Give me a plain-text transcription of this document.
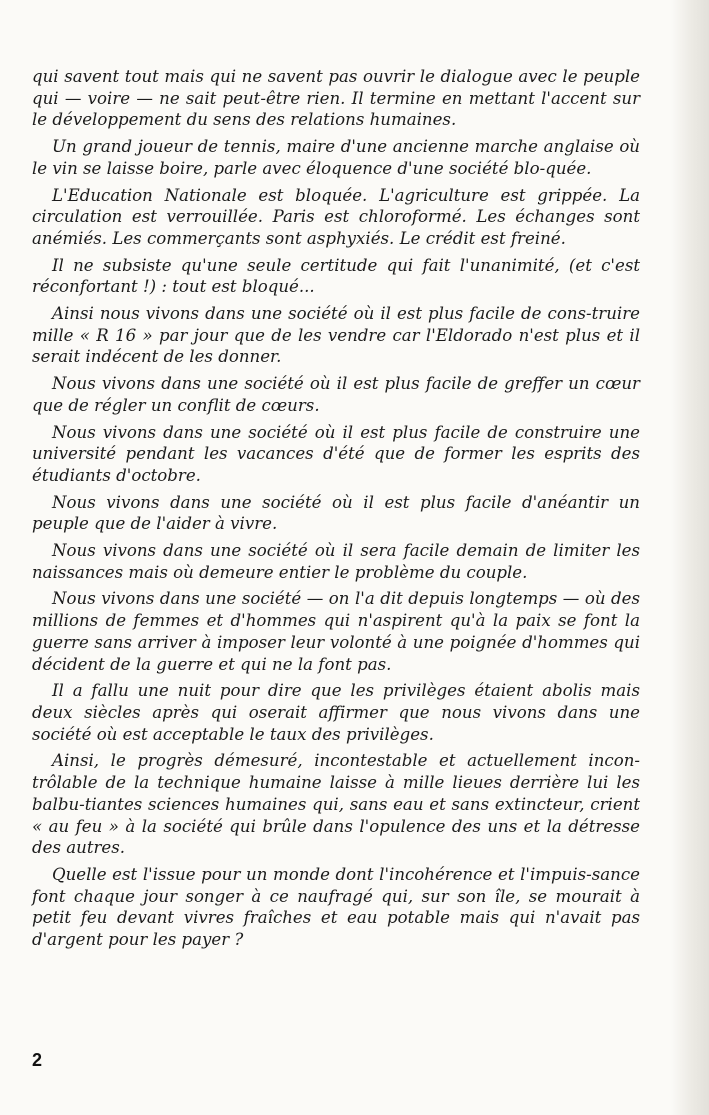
qui savent tout mais qui ne savent pas ouvrir le dialogue avec le peuple qui — voire — ne sait peut-être rien. Il termine en mettant l'accent sur le développement du sens des relations humaines.

Un grand joueur de tennis, maire d'une ancienne marche anglaise où le vin se laisse boire, parle avec éloquence d'une société blo-quée.

L'Education Nationale est bloquée. L'agriculture est grippée. La circulation est verrouillée. Paris est chloroformé. Les échanges sont anémiés. Les commerçants sont asphyxiés. Le crédit est freiné.

Il ne subsiste qu'une seule certitude qui fait l'unanimité, (et c'est réconfortant !) : tout est bloqué...

Ainsi nous vivons dans une société où il est plus facile de cons-truire mille « R 16 » par jour que de les vendre car l'Eldorado n'est plus et il serait indécent de les donner.

Nous vivons dans une société où il est plus facile de greffer un cœur que de régler un conflit de cœurs.

Nous vivons dans une société où il est plus facile de construire une université pendant les vacances d'été que de former les esprits des étudiants d'octobre.

Nous vivons dans une société où il est plus facile d'anéantir un peuple que de l'aider à vivre.

Nous vivons dans une société où il sera facile demain de limiter les naissances mais où demeure entier le problème du couple.

Nous vivons dans une société — on l'a dit depuis longtemps — où des millions de femmes et d'hommes qui n'aspirent qu'à la paix se font la guerre sans arriver à imposer leur volonté à une poignée d'hommes qui décident de la guerre et qui ne la font pas.

Il a fallu une nuit pour dire que les privilèges étaient abolis mais deux siècles après qui oserait affirmer que nous vivons dans une société où est acceptable le taux des privilèges.

Ainsi, le progrès démesuré, incontestable et actuellement incon-trôlable de la technique humaine laisse à mille lieues derrière lui les balbu-tiantes sciences humaines qui, sans eau et sans extincteur, crient « au feu » à la société qui brûle dans l'opulence des uns et la détresse des autres.

Quelle est l'issue pour un monde dont l'incohérence et l'impuis-sance font chaque jour songer à ce naufragé qui, sur son île, se mourait à petit feu devant vivres fraîches et eau potable mais qui n'avait pas d'argent pour les payer ?

2
